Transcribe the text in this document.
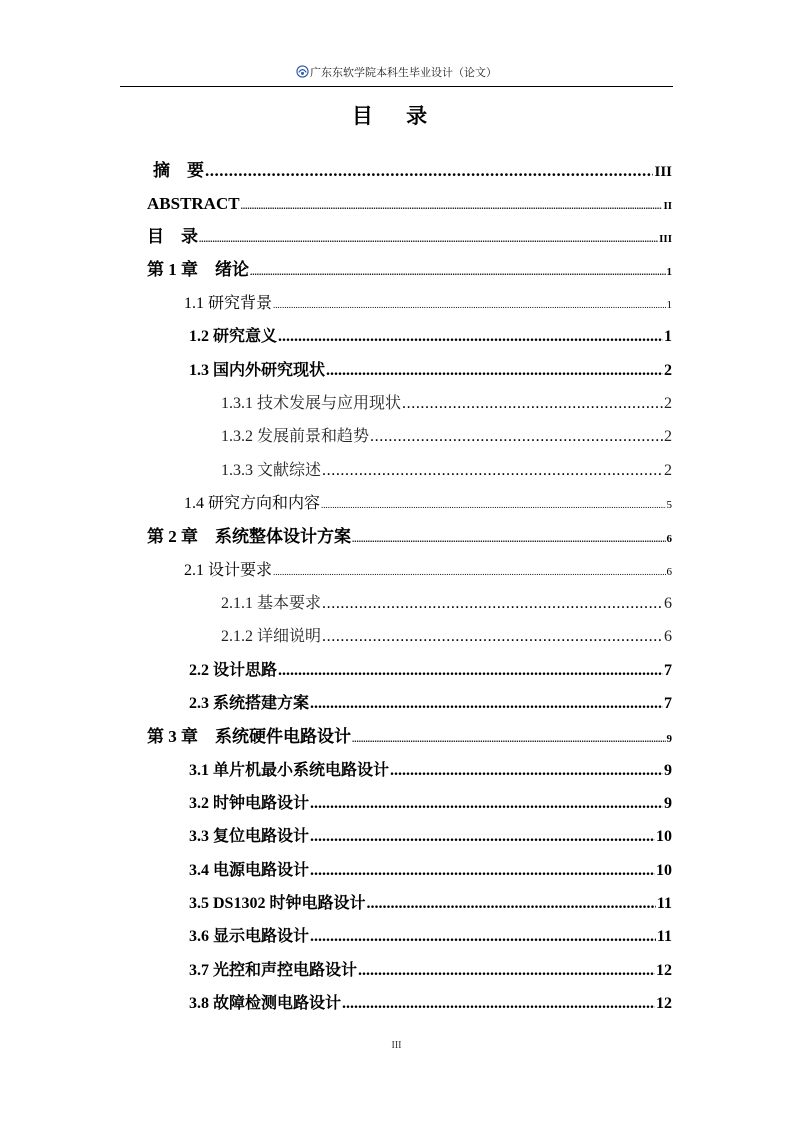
广东东软学院本科生毕业设计（论文）
目 录
摘　要 .....	III
ABSTRACT .....	II
目　录 .....	III
第 1 章　绪论 .....	1
1.1 研究背景 .....	1
1.2 研究意义 .....	1
1.3 国内外研究现状 .....	2
1.3.1 技术发展与应用现状 .....	2
1.3.2 发展前景和趋势 .....	2
1.3.3 文献综述 .....	2
1.4 研究方向和内容 .....	5
第 2 章　系统整体设计方案 .....	6
2.1 设计要求 .....	6
2.1.1 基本要求 .....	6
2.1.2 详细说明 .....	6
2.2 设计思路 .....	7
2.3 系统搭建方案 .....	7
第 3 章　系统硬件电路设计 .....	9
3.1 单片机最小系统电路设计 .....	9
3.2 时钟电路设计 .....	9
3.3 复位电路设计 .....	10
3.4 电源电路设计 .....	10
3.5 DS1302 时钟电路设计 .....	11
3.6 显示电路设计 .....	11
3.7 光控和声控电路设计 .....	12
3.8 故障检测电路设计 .....	12
III
